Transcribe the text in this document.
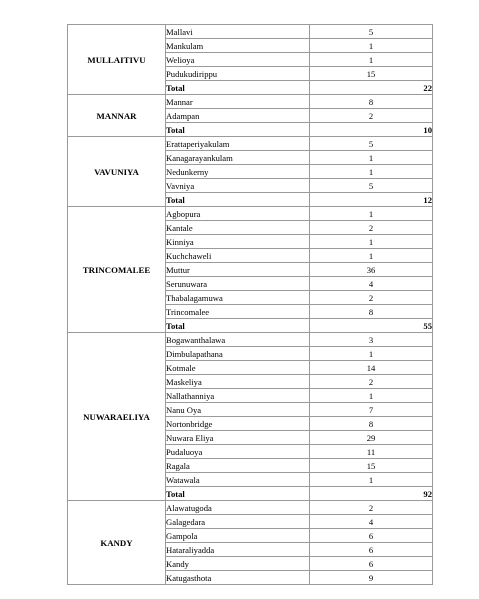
MULLAITIVU	Mallavi	5
	Mankulam	1
	Welioya	1
	Pudukudirippu	15
	Total	22
MANNAR	Mannar	8
	Adampan	2
	Total	10
VAVUNIYA	Erattaperiyakulam	5
	Kanagarayankulam	1
	Nedunkerny	1
	Vavniya	5
	Total	12
TRINCOMALEE	Agbopura	1
	Kantale	2
	Kinniya	1
	Kuchchaweli	1
	Muttur	36
	Serunuwara	4
	Thabalagamuwa	2
	Trincomalee	8
	Total	55
NUWARAELIYA	Bogawanthalawa	3
	Dimbulapathana	1
	Kotmale	14
	Maskeliya	2
	Nallathanniya	1
	Nanu Oya	7
	Nortonbridge	8
	Nuwara Eliya	29
	Pudaluoya	11
	Ragala	15
	Watawala	1
	Total	92
KANDY	Alawatugoda	2
	Galagedara	4
	Gampola	6
	Hataraliyadda	6
	Kandy	6
	Katugasthota	9
